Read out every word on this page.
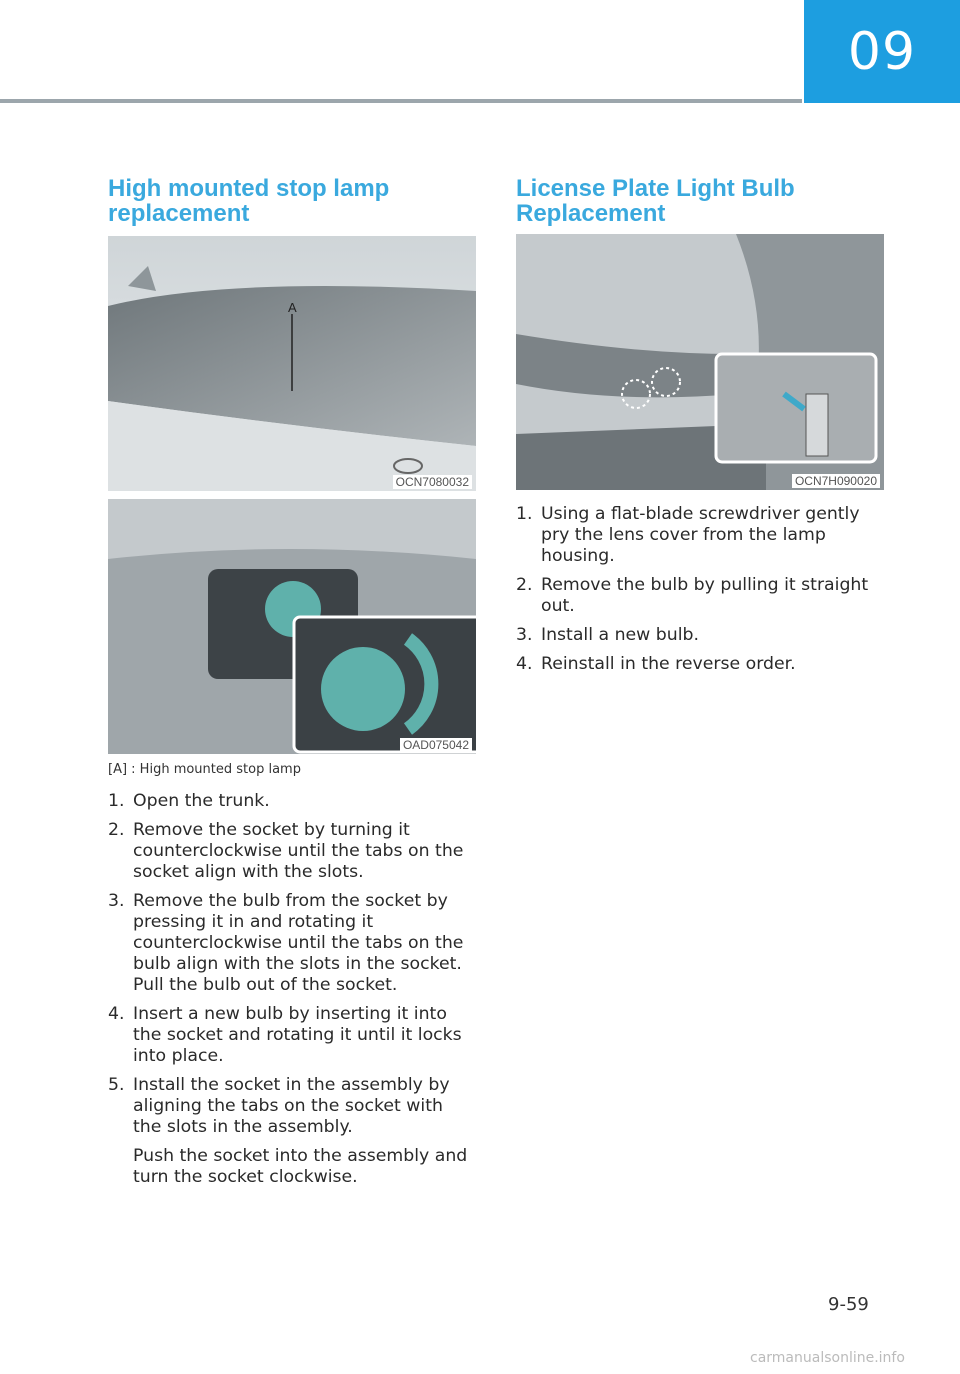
09
High mounted stop lamp
replacement
A
OCN7080032
OAD075042
[A] : High mounted stop lamp
1. Open the trunk.

2. Remove the socket by turning it counterclockwise until the tabs on the socket align with the slots.

3. Remove the bulb from the socket by pressing it in and rotating it counterclockwise until the tabs on the bulb align with the slots in the socket. Pull the bulb out of the socket.

4. Insert a new bulb by inserting it into the socket and rotating it until it locks into place.

5. Install the socket in the assembly by aligning the tabs on the socket with the slots in the assembly.

Push the socket into the assembly and turn the socket clockwise.

License Plate Light Bulb
Replacement
OCN7H090020
1. Using a flat-blade screwdriver gently pry the lens cover from the lamp housing.

2. Remove the bulb by pulling it straight out.

3. Install a new bulb.

4. Reinstall in the reverse order.

9-59
carmanualsonline.info
